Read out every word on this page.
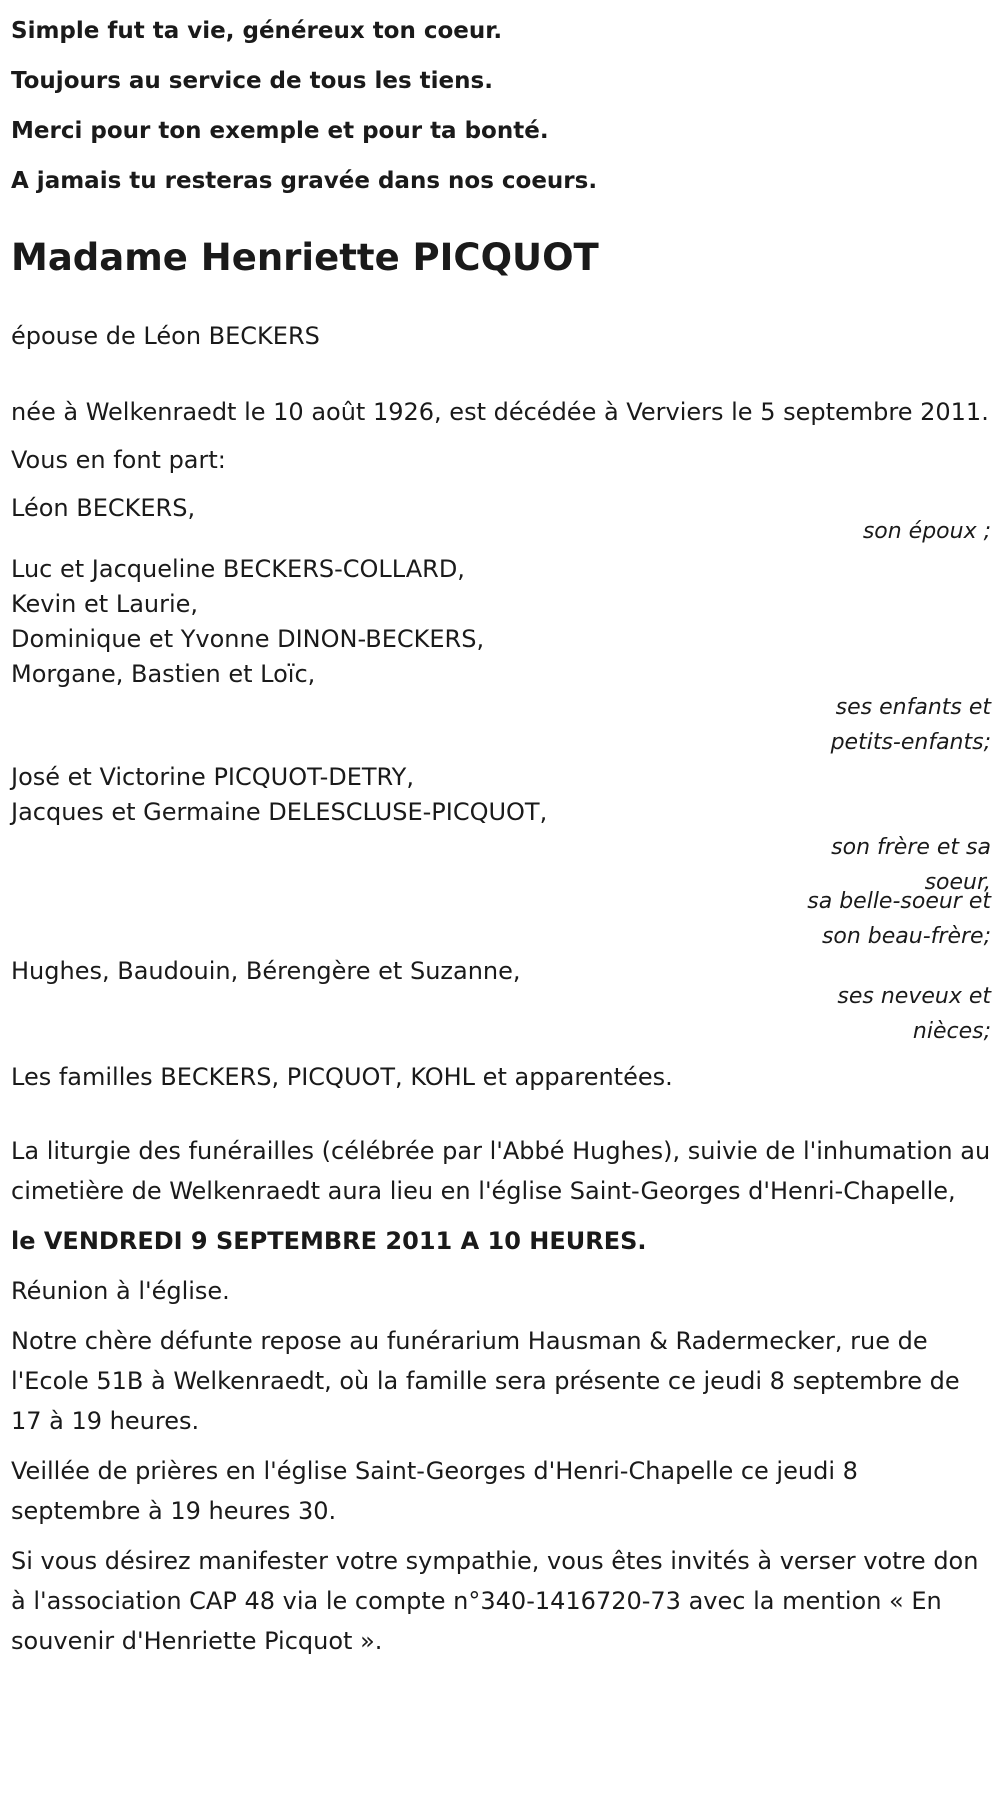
Simple fut ta vie, généreux ton coeur.

Toujours au service de tous les tiens.

Merci pour ton exemple et pour ta bonté.

A jamais tu resteras gravée dans nos coeurs.

Madame Henriette PICQUOT

épouse de Léon BECKERS

née à Welkenraedt le 10 août 1926, est décédée à Verviers le 5 septembre 2011.

Vous en font part:

Léon BECKERS,
son époux ;
Luc et Jacqueline BECKERS-COLLARD,
Kevin et Laurie,
Dominique et Yvonne DINON-BECKERS,
Morgane, Bastien et Loïc,
ses enfants et
petits-enfants;
José et Victorine PICQUOT-DETRY,
Jacques et Germaine DELESCLUSE-PICQUOT,
son frère et sa
soeur,
sa belle-soeur et
son beau-frère;
Hughes, Baudouin, Bérengère et Suzanne,
ses neveux et
nièces;

Les familles BECKERS, PICQUOT, KOHL et apparentées.

La liturgie des funérailles (célébrée par l'Abbé Hughes), suivie de l'inhumation au cimetière de Welkenraedt aura lieu en l'église Saint-Georges d'Henri-Chapelle,

le VENDREDI 9 SEPTEMBRE 2011 A 10 HEURES.

Réunion à l'église.

Notre chère défunte repose au funérarium Hausman & Radermecker, rue de l'Ecole 51B à Welkenraedt, où la famille sera présente ce jeudi 8 septembre de 17 à 19 heures.

Veillée de prières en l'église Saint-Georges d'Henri-Chapelle ce jeudi 8 septembre à 19 heures 30.

Si vous désirez manifester votre sympathie, vous êtes invités à verser votre don à l'association CAP 48 via le compte n°340-1416720-73 avec la mention « En souvenir d'Henriette Picquot ».
